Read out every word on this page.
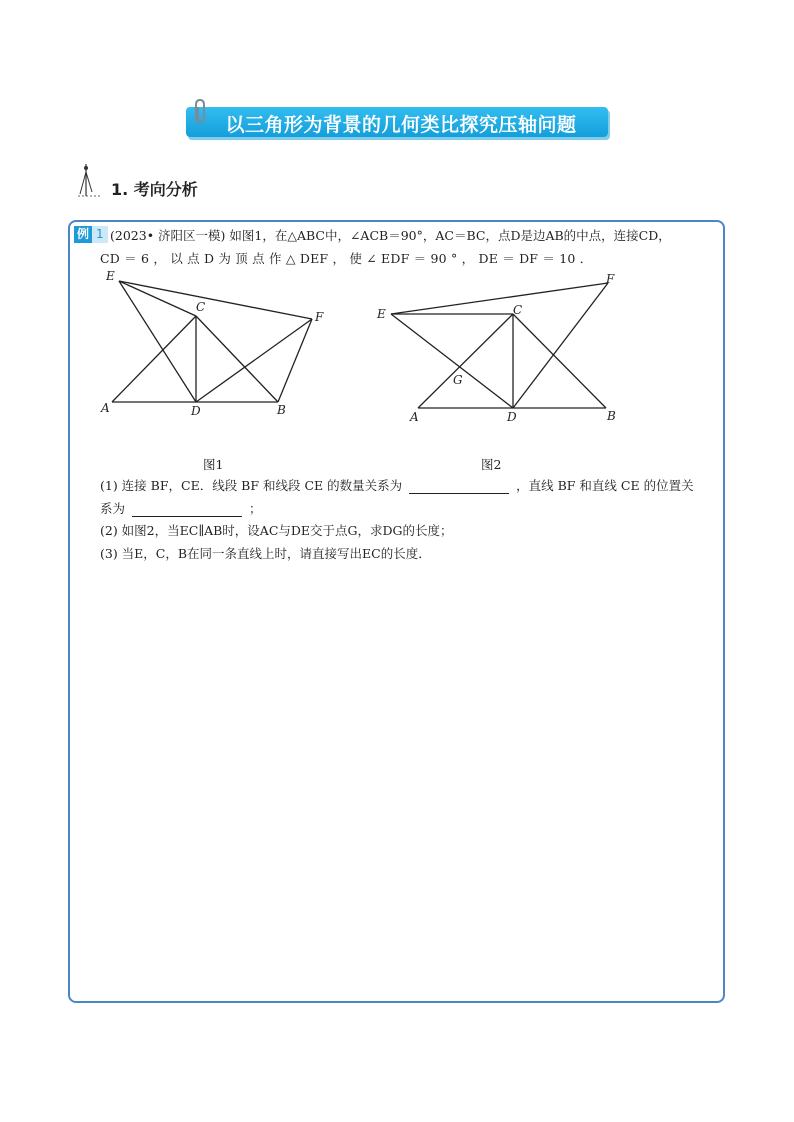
以三角形为背景的几何类比探究压轴问题
1. 考向分析
例 1 (2023• 济阳区一模) 如图1，在△ABC中，∠ACB＝90°，AC＝BC，点D是边AB的中点，连接CD，
CD ＝ 6 ， 以 点 D 为 顶 点 作 △ DEF ， 使 ∠ EDF ＝ 90 ° ， DE ＝ DF ＝ 10 ．
E
C
F
A	D	B
图1
E	C
F
G
A	D	B
图2
(1) 连接 BF，CE．线段 BF 和线段 CE 的数量关系为	，直线 BF 和直线 CE 的位置关
系为	；
(2) 如图2，当EC∥AB时，设AC与DE交于点G，求DG的长度；
(3) 当E，C，B在同一条直线上时，请直接写出EC的长度．
